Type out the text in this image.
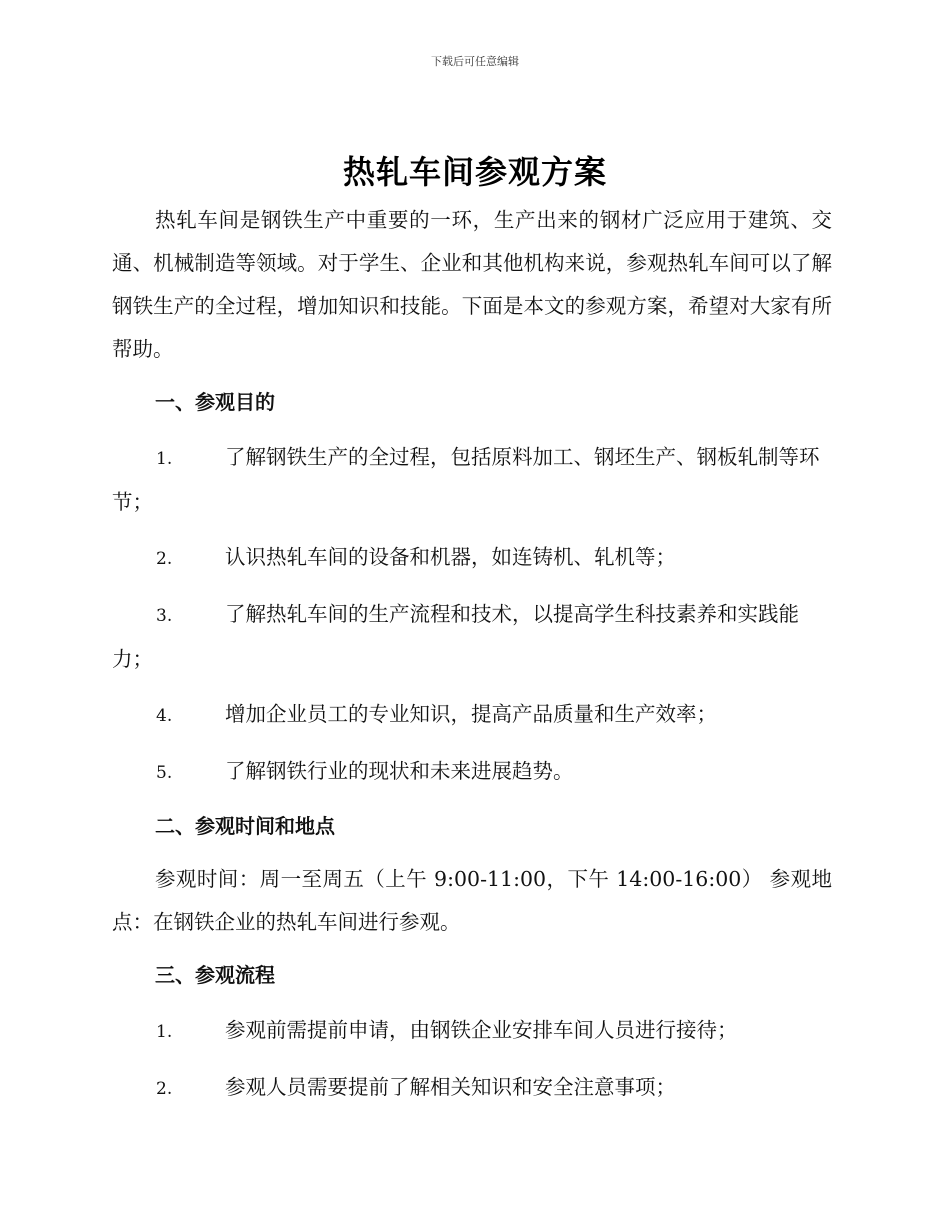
下载后可任意编辑
热轧车间参观方案

热轧车间是钢铁生产中重要的一环，生产出来的钢材广泛应用于建筑、交通、机械制造等领域。对于学生、企业和其他机构来说，参观热轧车间可以了解钢铁生产的全过程，增加知识和技能。下面是本文的参观方案，希望对大家有所帮助。

一、参观目的
1.	了解钢铁生产的全过程，包括原料加工、钢坯生产、钢板轧制等环节；
2.	认识热轧车间的设备和机器，如连铸机、轧机等；
3.	了解热轧车间的生产流程和技术，以提高学生科技素养和实践能力；
4.	增加企业员工的专业知识，提高产品质量和生产效率；
5.	了解钢铁行业的现状和未来进展趋势。
二、参观时间和地点

参观时间：周一至周五（上午 9:00-11:00，下午 14:00-16:00） 参观地点：在钢铁企业的热轧车间进行参观。

三、参观流程
1.	参观前需提前申请，由钢铁企业安排车间人员进行接待；
2.	参观人员需要提前了解相关知识和安全注意事项；
